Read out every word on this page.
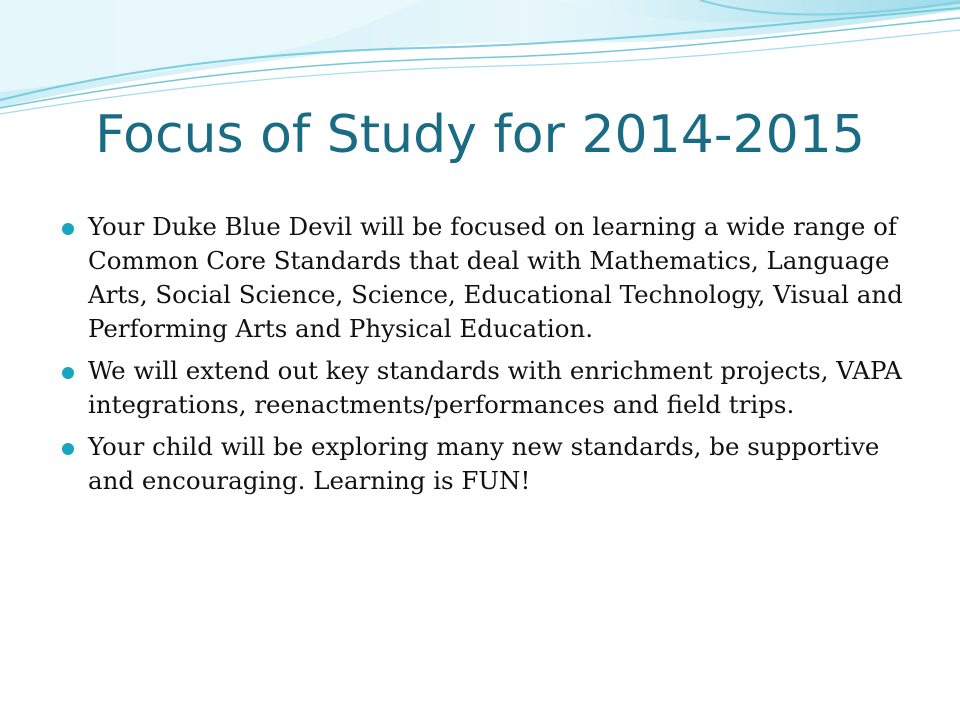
Focus of Study for 2014-2015
Your Duke Blue Devil will be focused on learning a wide range of Common Core Standards that deal with Mathematics, Language Arts, Social Science, Science, Educational Technology, Visual and Performing Arts and Physical Education.
We will extend out key standards with enrichment projects, VAPA integrations, reenactments/performances and field trips.
Your child will be exploring many new standards, be supportive and encouraging. Learning is FUN!
